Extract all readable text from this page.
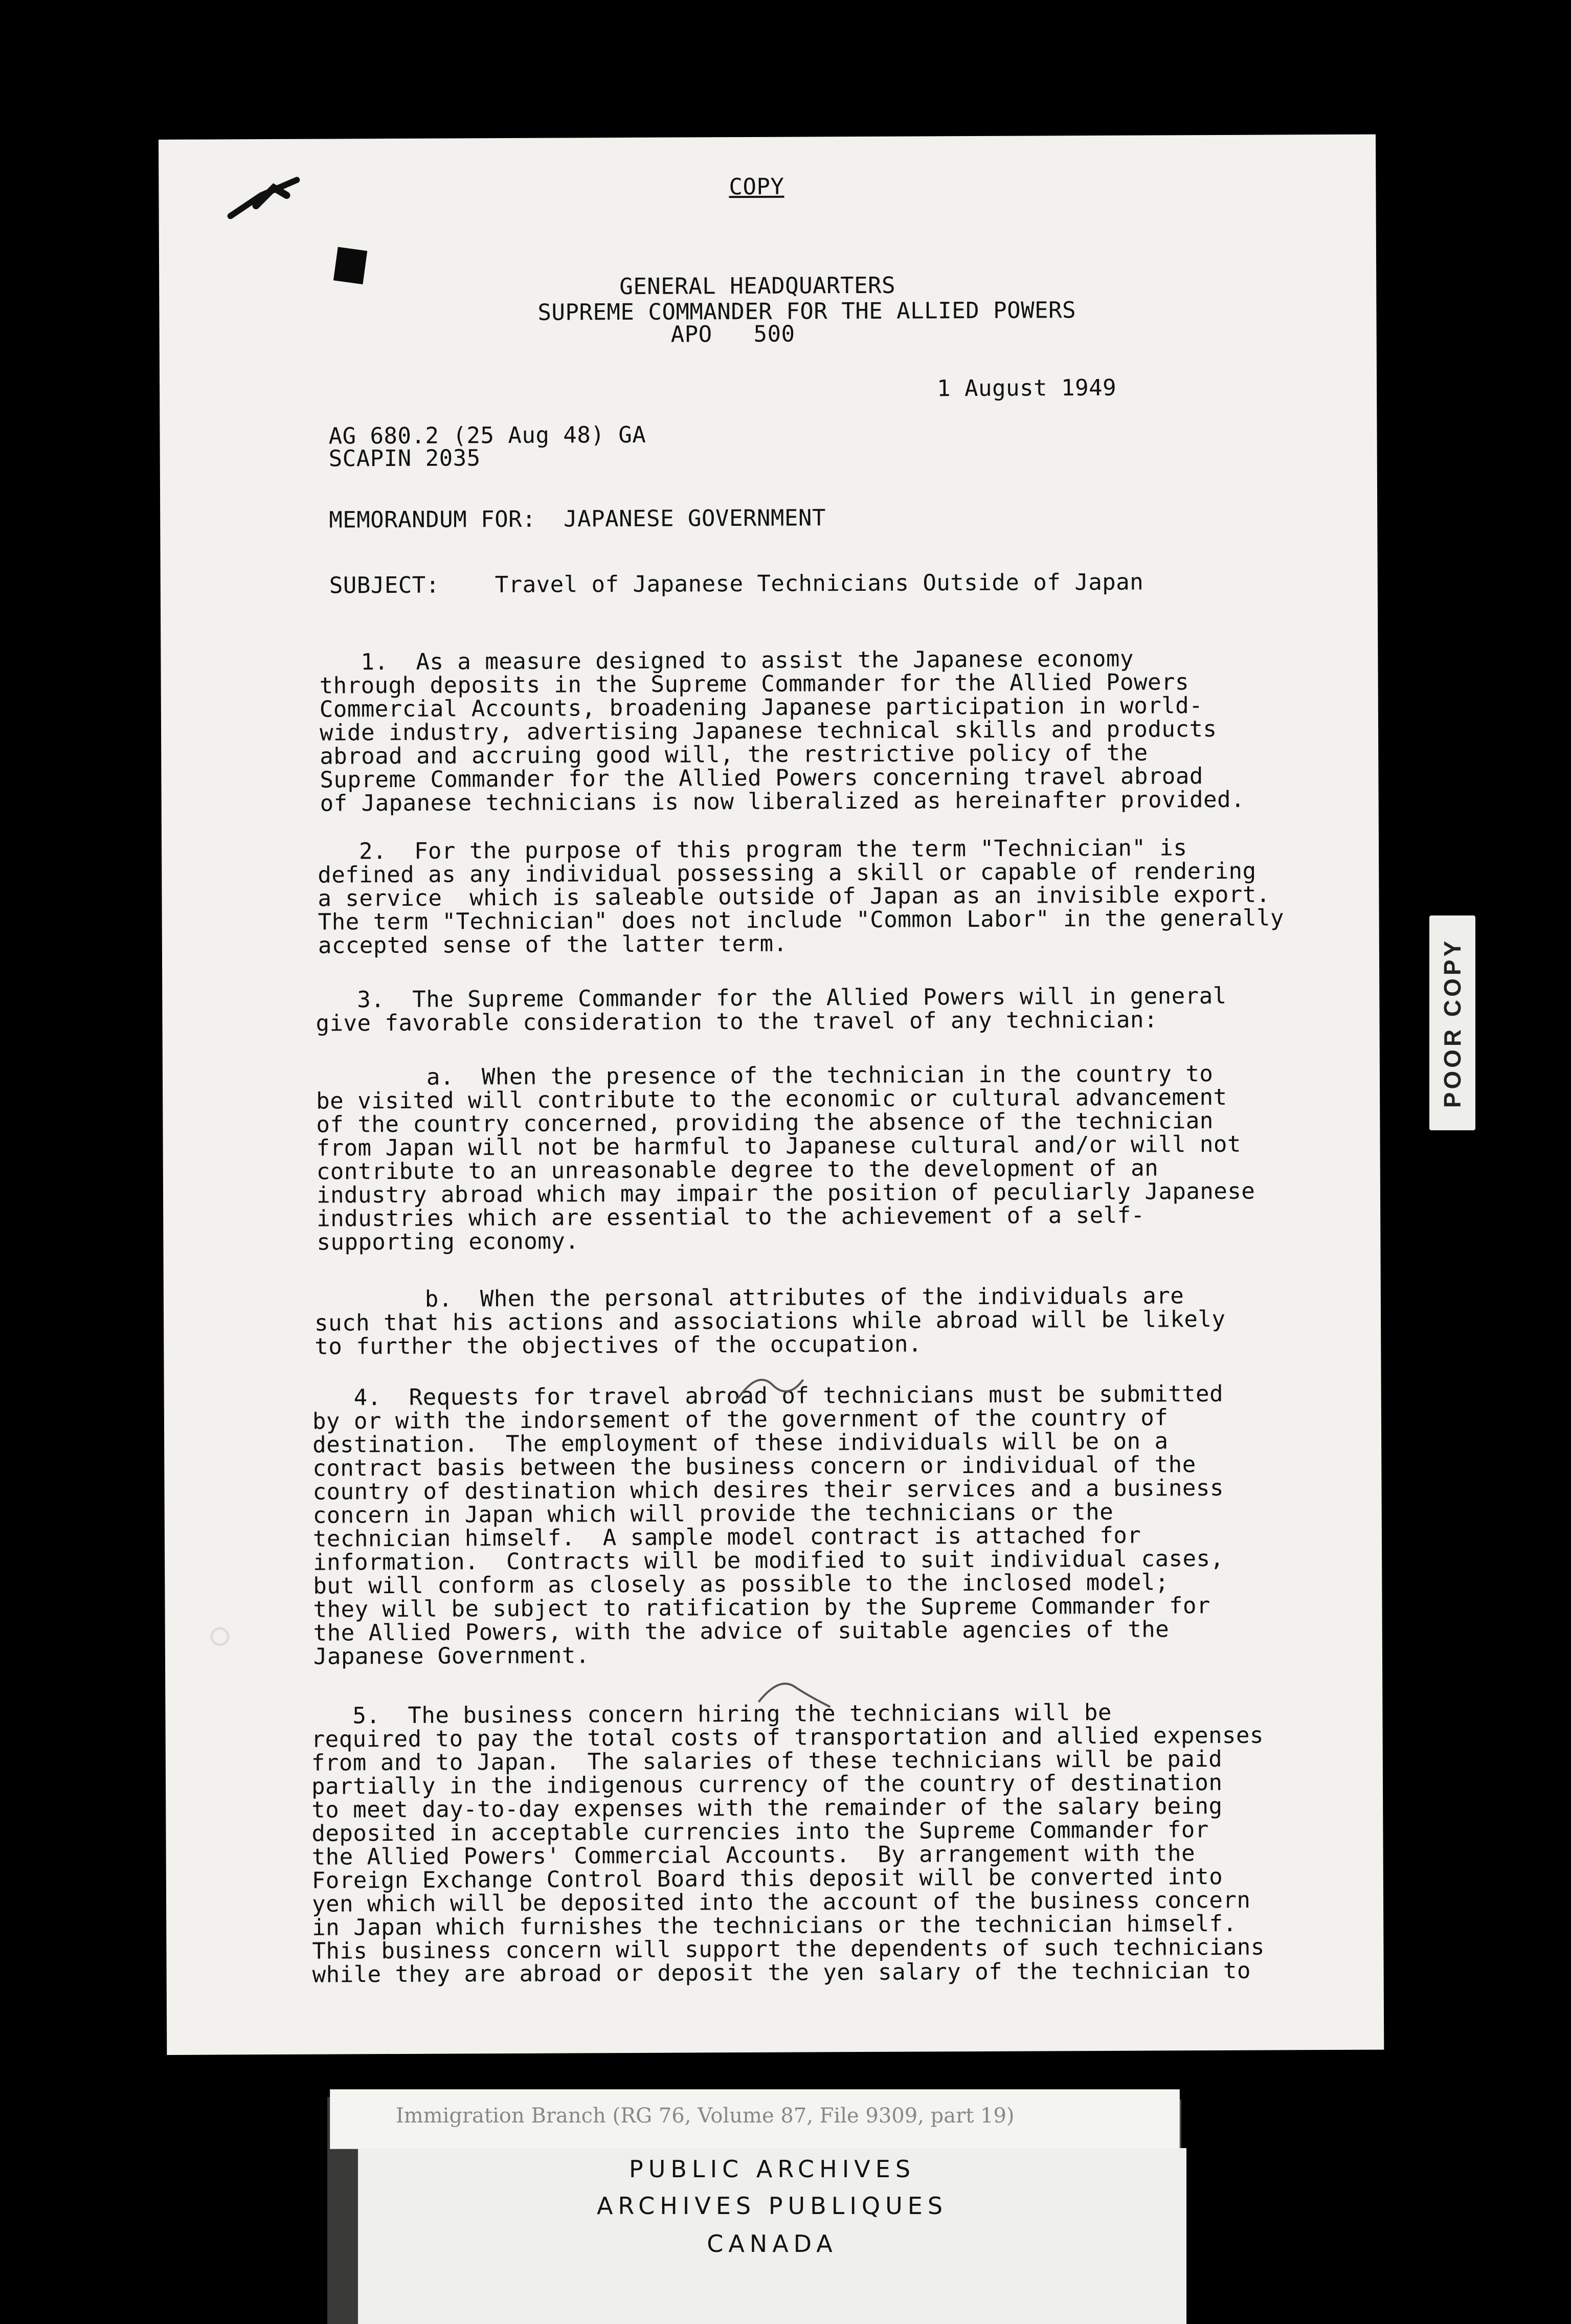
COPY
GENERAL HEADQUARTERS
SUPREME COMMANDER FOR THE ALLIED POWERS
APO   500
1 August 1949
AG 680.2 (25 Aug 48) GA
SCAPIN 2035
MEMORANDUM FOR:  JAPANESE GOVERNMENT
SUBJECT:    Travel of Japanese Technicians Outside of Japan
1.  As a measure designed to assist the Japanese economy
through deposits in the Supreme Commander for the Allied Powers
Commercial Accounts, broadening Japanese participation in world-
wide industry, advertising Japanese technical skills and products
abroad and accruing good will, the restrictive policy of the
Supreme Commander for the Allied Powers concerning travel abroad
of Japanese technicians is now liberalized as hereinafter provided.
2.  For the purpose of this program the term "Technician" is
defined as any individual possessing a skill or capable of rendering
a service  which is saleable outside of Japan as an invisible export.
The term "Technician" does not include "Common Labor" in the generally
accepted sense of the latter term.
3.  The Supreme Commander for the Allied Powers will in general
give favorable consideration to the travel of any technician:
a.  When the presence of the technician in the country to
be visited will contribute to the economic or cultural advancement
of the country concerned, providing the absence of the technician
from Japan will not be harmful to Japanese cultural and/or will not
contribute to an unreasonable degree to the development of an
industry abroad which may impair the position of peculiarly Japanese
industries which are essential to the achievement of a self-
supporting economy.
b.  When the personal attributes of the individuals are
such that his actions and associations while abroad will be likely
to further the objectives of the occupation.
4.  Requests for travel abroad of technicians must be submitted
by or with the indorsement of the government of the country of
destination.  The employment of these individuals will be on a
contract basis between the business concern or individual of the
country of destination which desires their services and a business
concern in Japan which will provide the technicians or the
technician himself.  A sample model contract is attached for
information.  Contracts will be modified to suit individual cases,
but will conform as closely as possible to the inclosed model;
they will be subject to ratification by the Supreme Commander for
the Allied Powers, with the advice of suitable agencies of the
Japanese Government.
5.  The business concern hiring the technicians will be
required to pay the total costs of transportation and allied expenses
from and to Japan.  The salaries of these technicians will be paid
partially in the indigenous currency of the country of destination
to meet day-to-day expenses with the remainder of the salary being
deposited in acceptable currencies into the Supreme Commander for
the Allied Powers' Commercial Accounts.  By arrangement with the
Foreign Exchange Control Board this deposit will be converted into
yen which will be deposited into the account of the business concern
in Japan which furnishes the technicians or the technician himself.
This business concern will support the dependents of such technicians
while they are abroad or deposit the yen salary of the technician to
POOR COPY
Immigration Branch (RG 76, Volume 87, File 9309, part 19)
PUBLIC ARCHIVES
ARCHIVES PUBLIQUES
CANADA
